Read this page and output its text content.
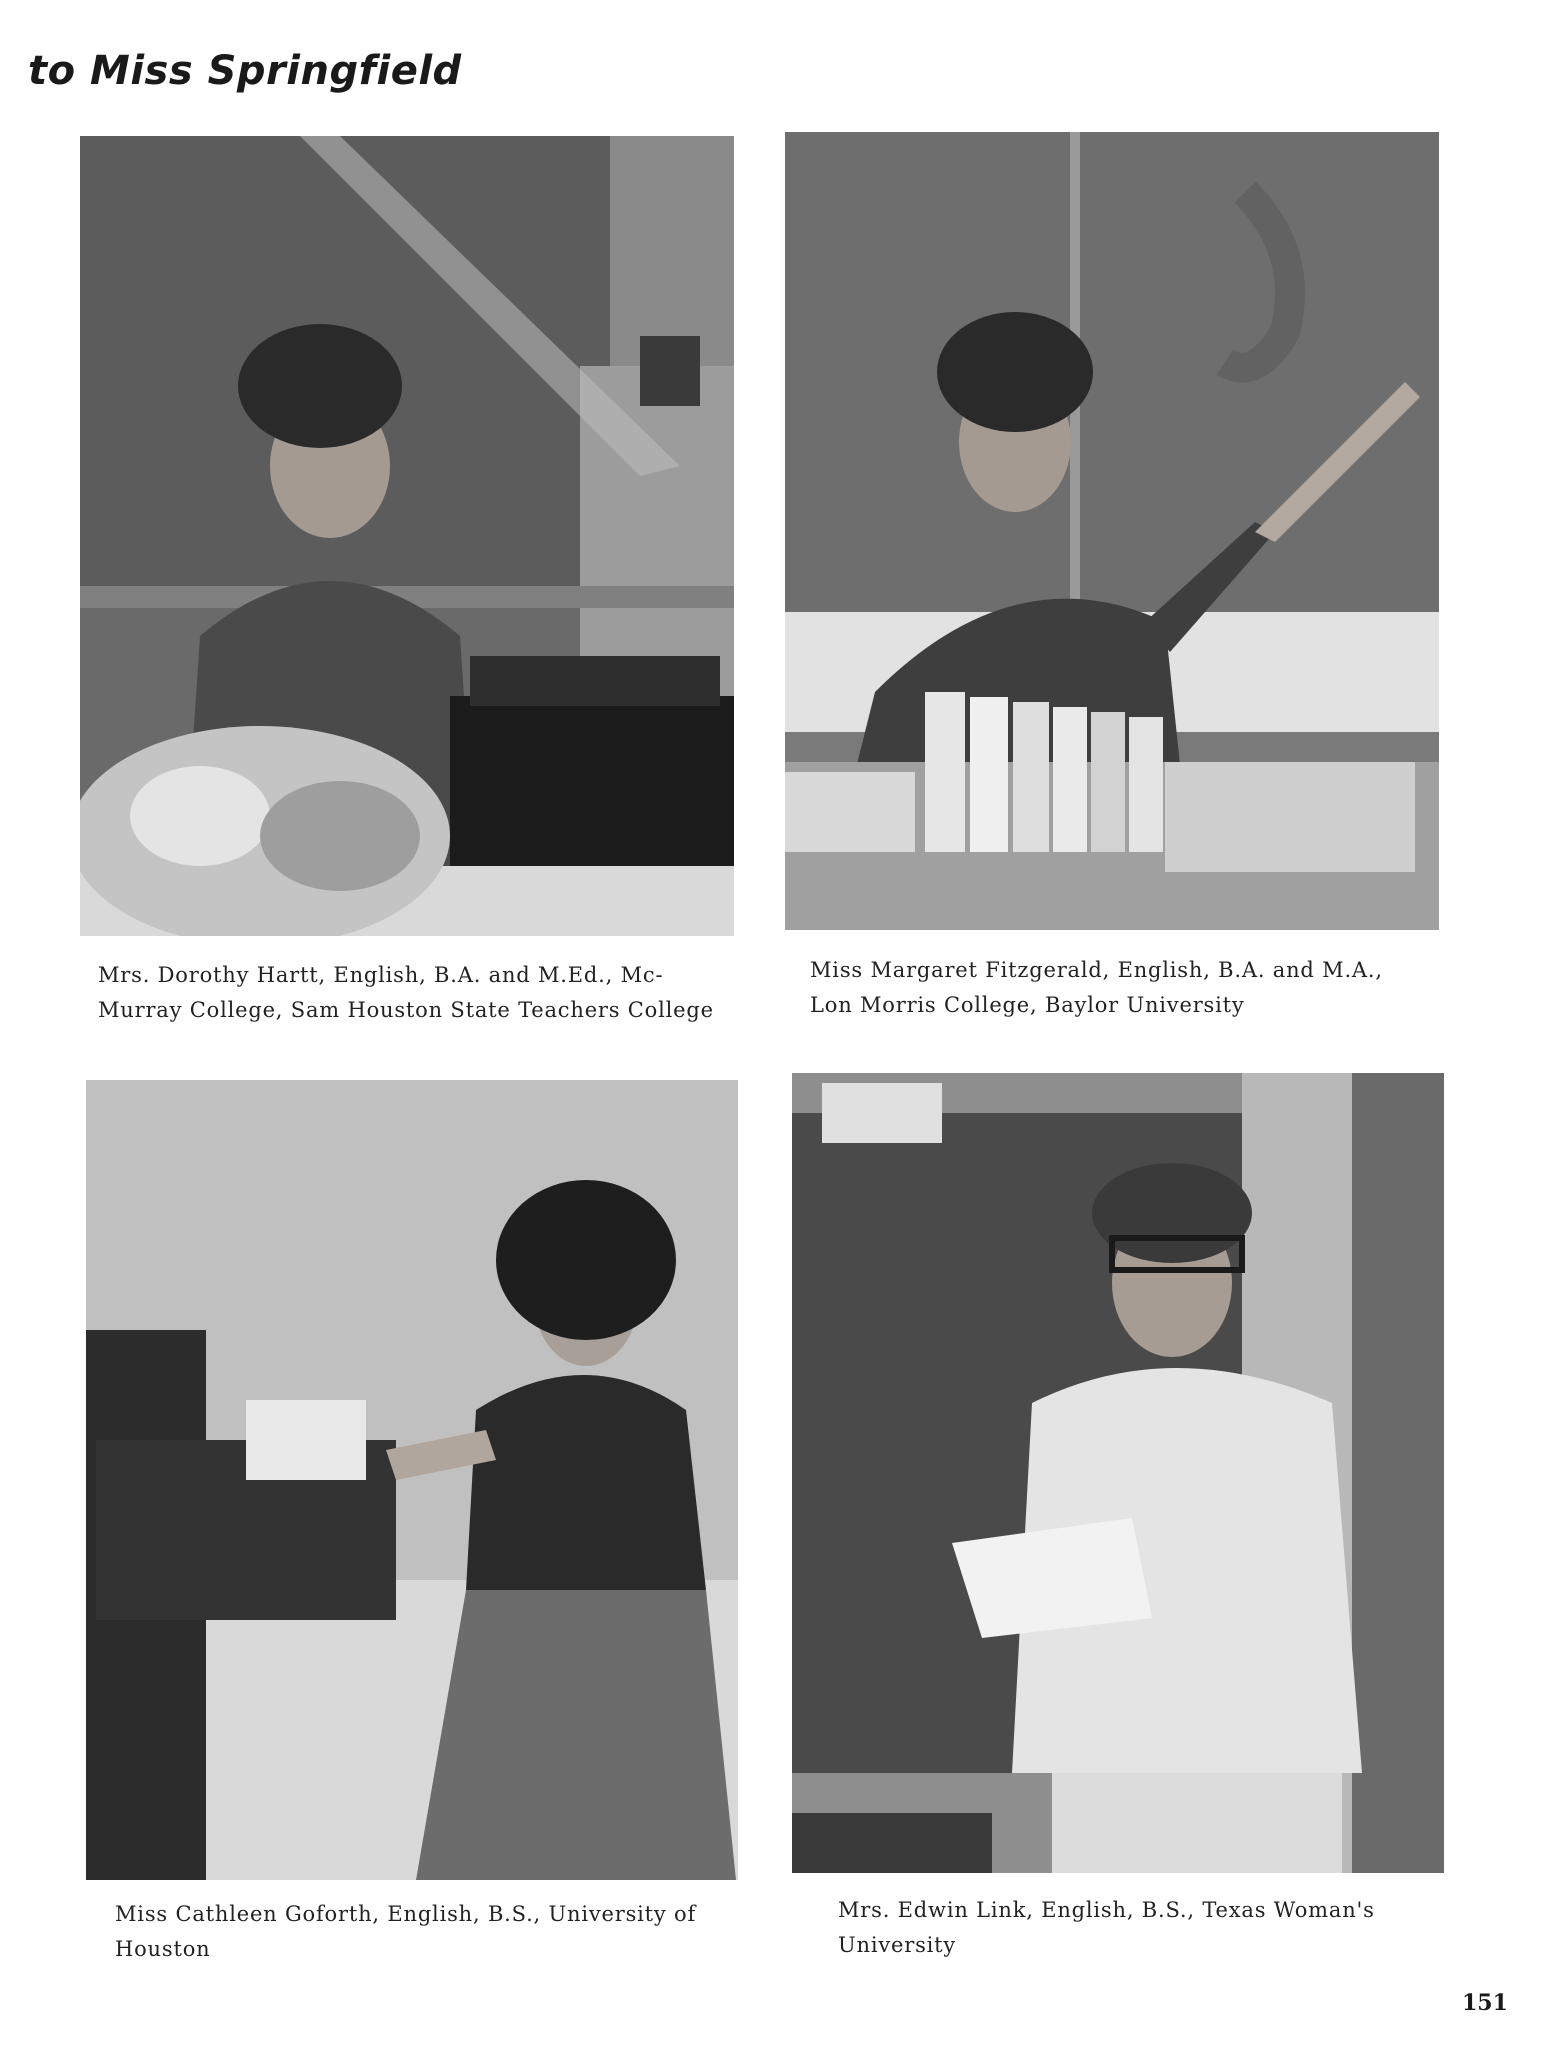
to Miss Springfield

Mrs. Dorothy Hartt, English, B.A. and M.Ed., Mc-
Murray College, Sam Houston State Teachers College

Miss Margaret Fitzgerald, English, B.A. and M.A.,
Lon Morris College, Baylor University

Miss Cathleen Goforth, English, B.S., University of
Houston

Mrs. Edwin Link, English, B.S., Texas Woman's
University

151
